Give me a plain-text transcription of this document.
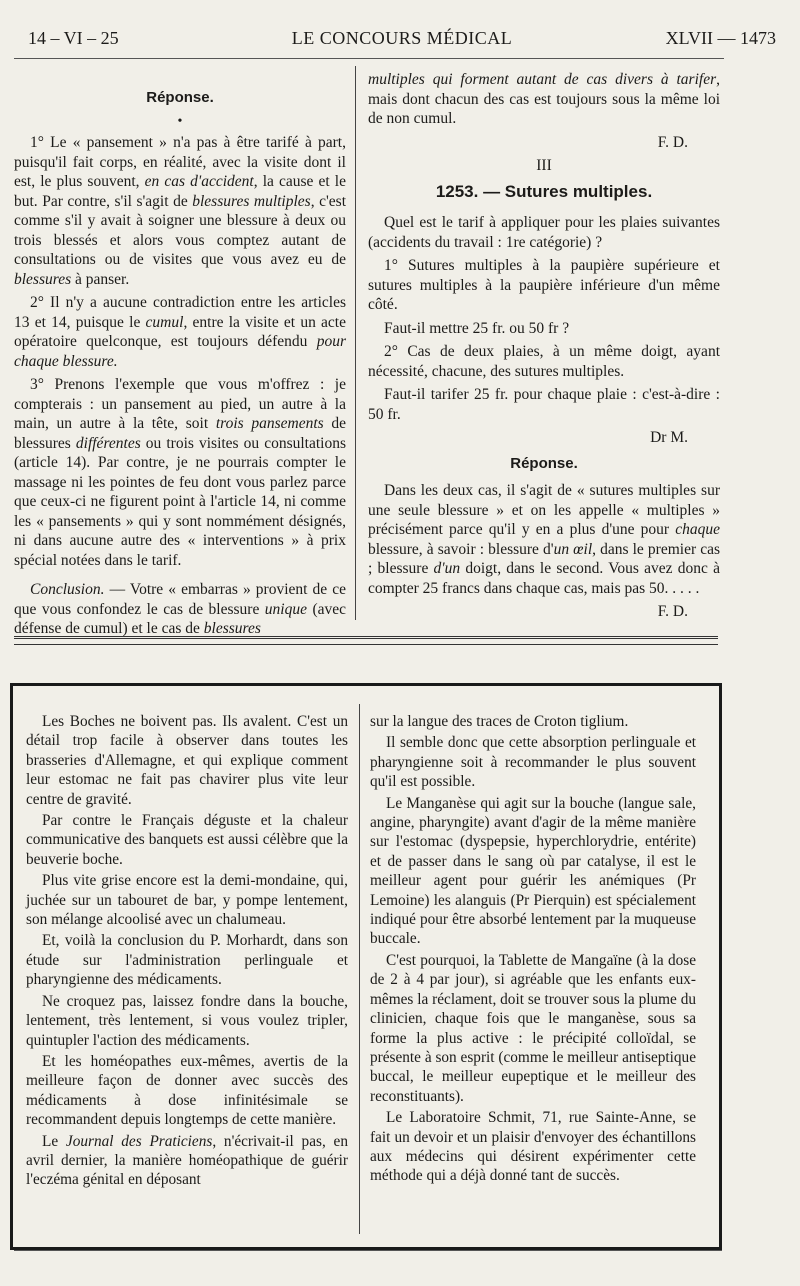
14 – VI – 25	LE CONCOURS MÉDICAL	XLVII — 1473
Réponse.
•

1° Le « pansement » n'a pas à être tarifé à part, puisqu'il fait corps, en réalité, avec la visite dont il est, le plus souvent, en cas d'accident, la cause et le but. Par contre, s'il s'agit de blessures multiples, c'est comme s'il y avait à soigner une blessure à deux ou trois blessés et alors vous comptez autant de consultations ou de visites que vous avez eu de blessures à panser.

2° Il n'y a aucune contradiction entre les articles 13 et 14, puisque le cumul, entre la visite et un acte opératoire quelconque, est toujours défendu pour chaque blessure.

3° Prenons l'exemple que vous m'offrez : je compterais : un pansement au pied, un autre à la main, un autre à la tête, soit trois pansements de blessures différentes ou trois visites ou consultations (article 14). Par contre, je ne pourrais compter le massage ni les pointes de feu dont vous parlez parce que ceux-ci ne figurent point à l'article 14, ni comme les « pansements » qui y sont nommément désignés, ni dans aucune autre des « interventions » à prix spécial notées dans le tarif.

Conclusion. — Votre « embarras » provient de ce que vous confondez le cas de blessure unique (avec défense de cumul) et le cas de blessures

multiples qui forment autant de cas divers à tarifer, mais dont chacun des cas est toujours sous la même loi de non cumul.

F. D.
III
1253. — Sutures multiples.

Quel est le tarif à appliquer pour les plaies suivantes (accidents du travail : 1re catégorie) ?

1° Sutures multiples à la paupière supérieure et sutures multiples à la paupière inférieure d'un même côté.

Faut-il mettre 25 fr. ou 50 fr ?

2° Cas de deux plaies, à un même doigt, ayant nécessité, chacune, des sutures multiples.

Faut-il tarifer 25 fr. pour chaque plaie : c'est-à-dire : 50 fr.

Dr M.
Réponse.

Dans les deux cas, il s'agit de « sutures multiples sur une seule blessure » et on les appelle « multiples » précisément parce qu'il y en a plus d'une pour chaque blessure, à savoir : blessure d'un œil, dans le premier cas ; blessure d'un doigt, dans le second. Vous avez donc à compter 25 francs dans chaque cas, mais pas 50. . . . .

F. D.

Les Boches ne boivent pas. Ils avalent. C'est un détail trop facile à observer dans toutes les brasseries d'Allemagne, et qui explique comment leur estomac ne fait pas chavirer plus vite leur centre de gravité.

Par contre le Français déguste et la chaleur communicative des banquets est aussi célèbre que la beuverie boche.

Plus vite grise encore est la demi-mondaine, qui, juchée sur un tabouret de bar, y pompe lentement, son mélange alcoolisé avec un chalumeau.

Et, voilà la conclusion du P. Morhardt, dans son étude sur l'administration perlinguale et pharyngienne des médicaments.

Ne croquez pas, laissez fondre dans la bouche, lentement, très lentement, si vous voulez tripler, quintupler l'action des médicaments.

Et les homéopathes eux-mêmes, avertis de la meilleure façon de donner avec succès des médicaments à dose infinitésimale se recommandent depuis longtemps de cette manière.

Le Journal des Praticiens, n'écrivait-il pas, en avril dernier, la manière homéopathique de guérir l'eczéma génital en déposant

sur la langue des traces de Croton tiglium.

Il semble donc que cette absorption perlinguale et pharyngienne soit à recommander le plus souvent qu'il est possible.

Le Manganèse qui agit sur la bouche (langue sale, angine, pharyngite) avant d'agir de la même manière sur l'estomac (dyspepsie, hyperchlorydrie, entérite) et de passer dans le sang où par catalyse, il est le meilleur agent pour guérir les anémiques (Pr Lemoine) les alanguis (Pr Pierquin) est spécialement indiqué pour être absorbé lentement par la muqueuse buccale.

C'est pourquoi, la Tablette de Mangaïne (à la dose de 2 à 4 par jour), si agréable que les enfants eux-mêmes la réclament, doit se trouver sous la plume du clinicien, chaque fois que le manganèse, sous sa forme la plus active : le précipité colloïdal, se présente à son esprit (comme le meilleur antiseptique buccal, le meilleur eupeptique et le meilleur des reconstituants).

Le Laboratoire Schmit, 71, rue Sainte-Anne, se fait un devoir et un plaisir d'envoyer des échantillons aux médecins qui désirent expérimenter cette méthode qui a déjà donné tant de succès.
